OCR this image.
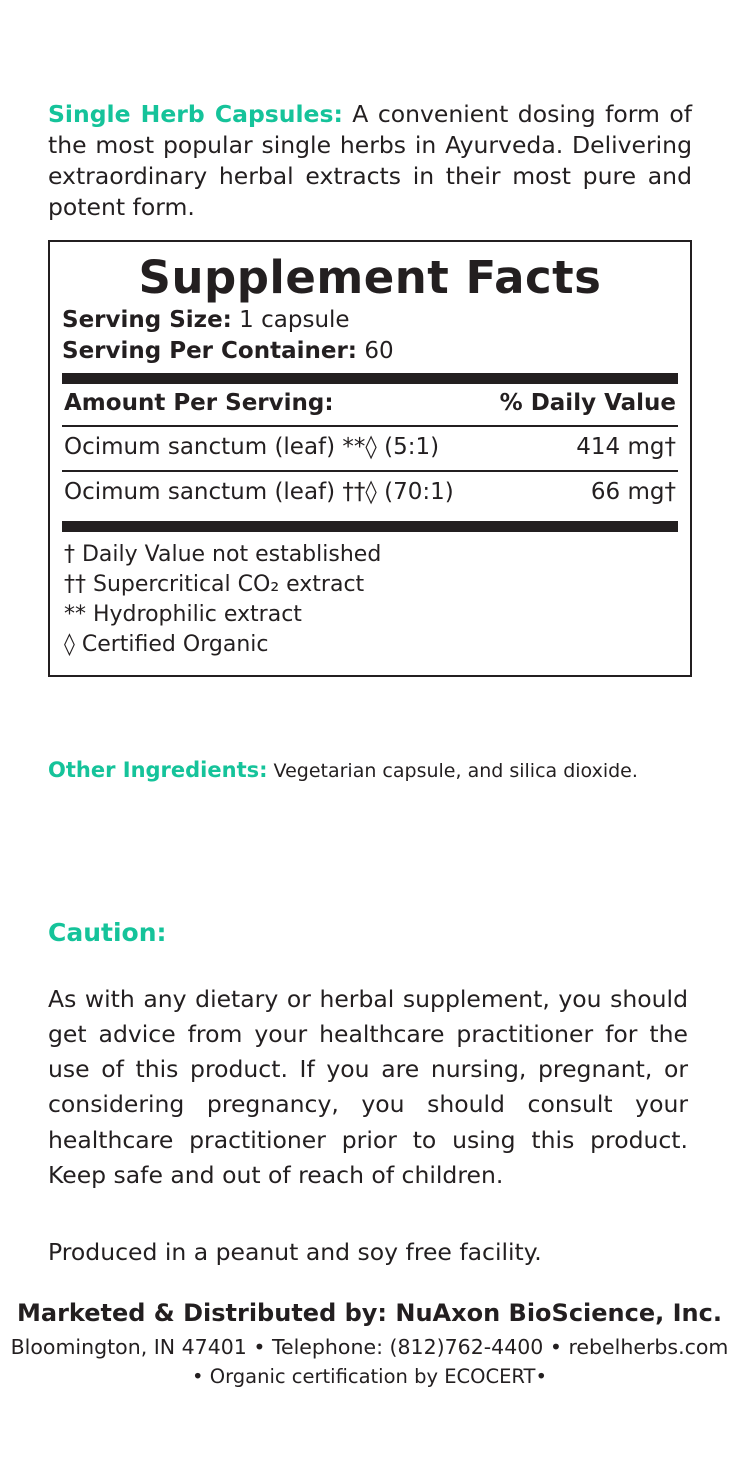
Single Herb Capsules: A convenient dosing form of the most popular single herbs in Ayurveda. Delivering extraordinary herbal extracts in their most pure and potent form.

Supplement Facts
Serving Size: 1 capsule
Serving Per Container: 60
Amount Per Serving:	% Daily Value
Ocimum sanctum (leaf) **◊ (5:1)	414 mg†
Ocimum sanctum (leaf) ††◊ (70:1)	66 mg†
† Daily Value not established
†† Supercritical CO₂ extract
** Hydrophilic extract
◊ Certified Organic
Other Ingredients: Vegetarian capsule, and silica dioxide.
Caution:

As with any dietary or herbal supplement, you should get advice from your healthcare practitioner for the use of this product. If you are nursing, pregnant, or considering pregnancy, you should consult your healthcare practitioner prior to using this product. Keep safe and out of reach of children.

Produced in a peanut and soy free facility.

Marketed & Distributed by: NuAxon BioScience, Inc.
Bloomington, IN 47401 • Telephone: (812)762-4400 • rebelherbs.com
• Organic certification by ECOCERT•
